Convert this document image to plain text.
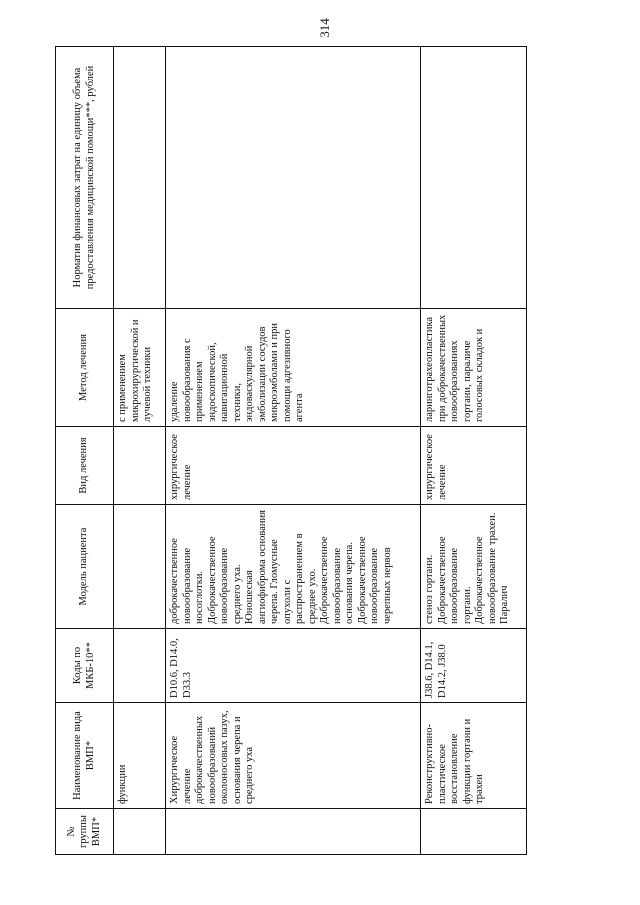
314
№ группы ВМП*	Наименование вида ВМП*	Коды по МКБ-10**	Модель пациента	Вид лечения	Метод лечения	Норматив финансовых затрат на единицу объема предоставления медицинской помощи***, рублей
	функции				с применением микрохирургической и лучевой техники	
	Хирургическое лечение доброкачественных новообразований околоносовых пазух, основания черепа и среднего уха	D10.6, D14.0, D33.3	доброкачественное новообразование носоглотки. Доброкачественное новообразование среднего уха. Юношеская ангиофиброма основания черепа. Гломусные опухоли с распространением в среднее ухо. Доброкачественное новообразование основания черепа. Доброкачественное новообразование черепных нервов	хирургическое лечение	удаление новообразования с применением эндоскопической, навигационной техники, эндоваскулярной эмболизации сосудов микроэмболами и при помощи адгезивного агента	
	Реконструктивно-пластическое восстановление функции гортани и трахеи	J38.6, D14.1, D14.2, J38.0	стеноз гортани. Доброкачественное новообразование гортани. Доброкачественное новообразование трахеи. Паралич	хирургическое лечение	ларинготрахеопластика при доброкачественных новообразованиях гортани, параличе голосовых складок и	
